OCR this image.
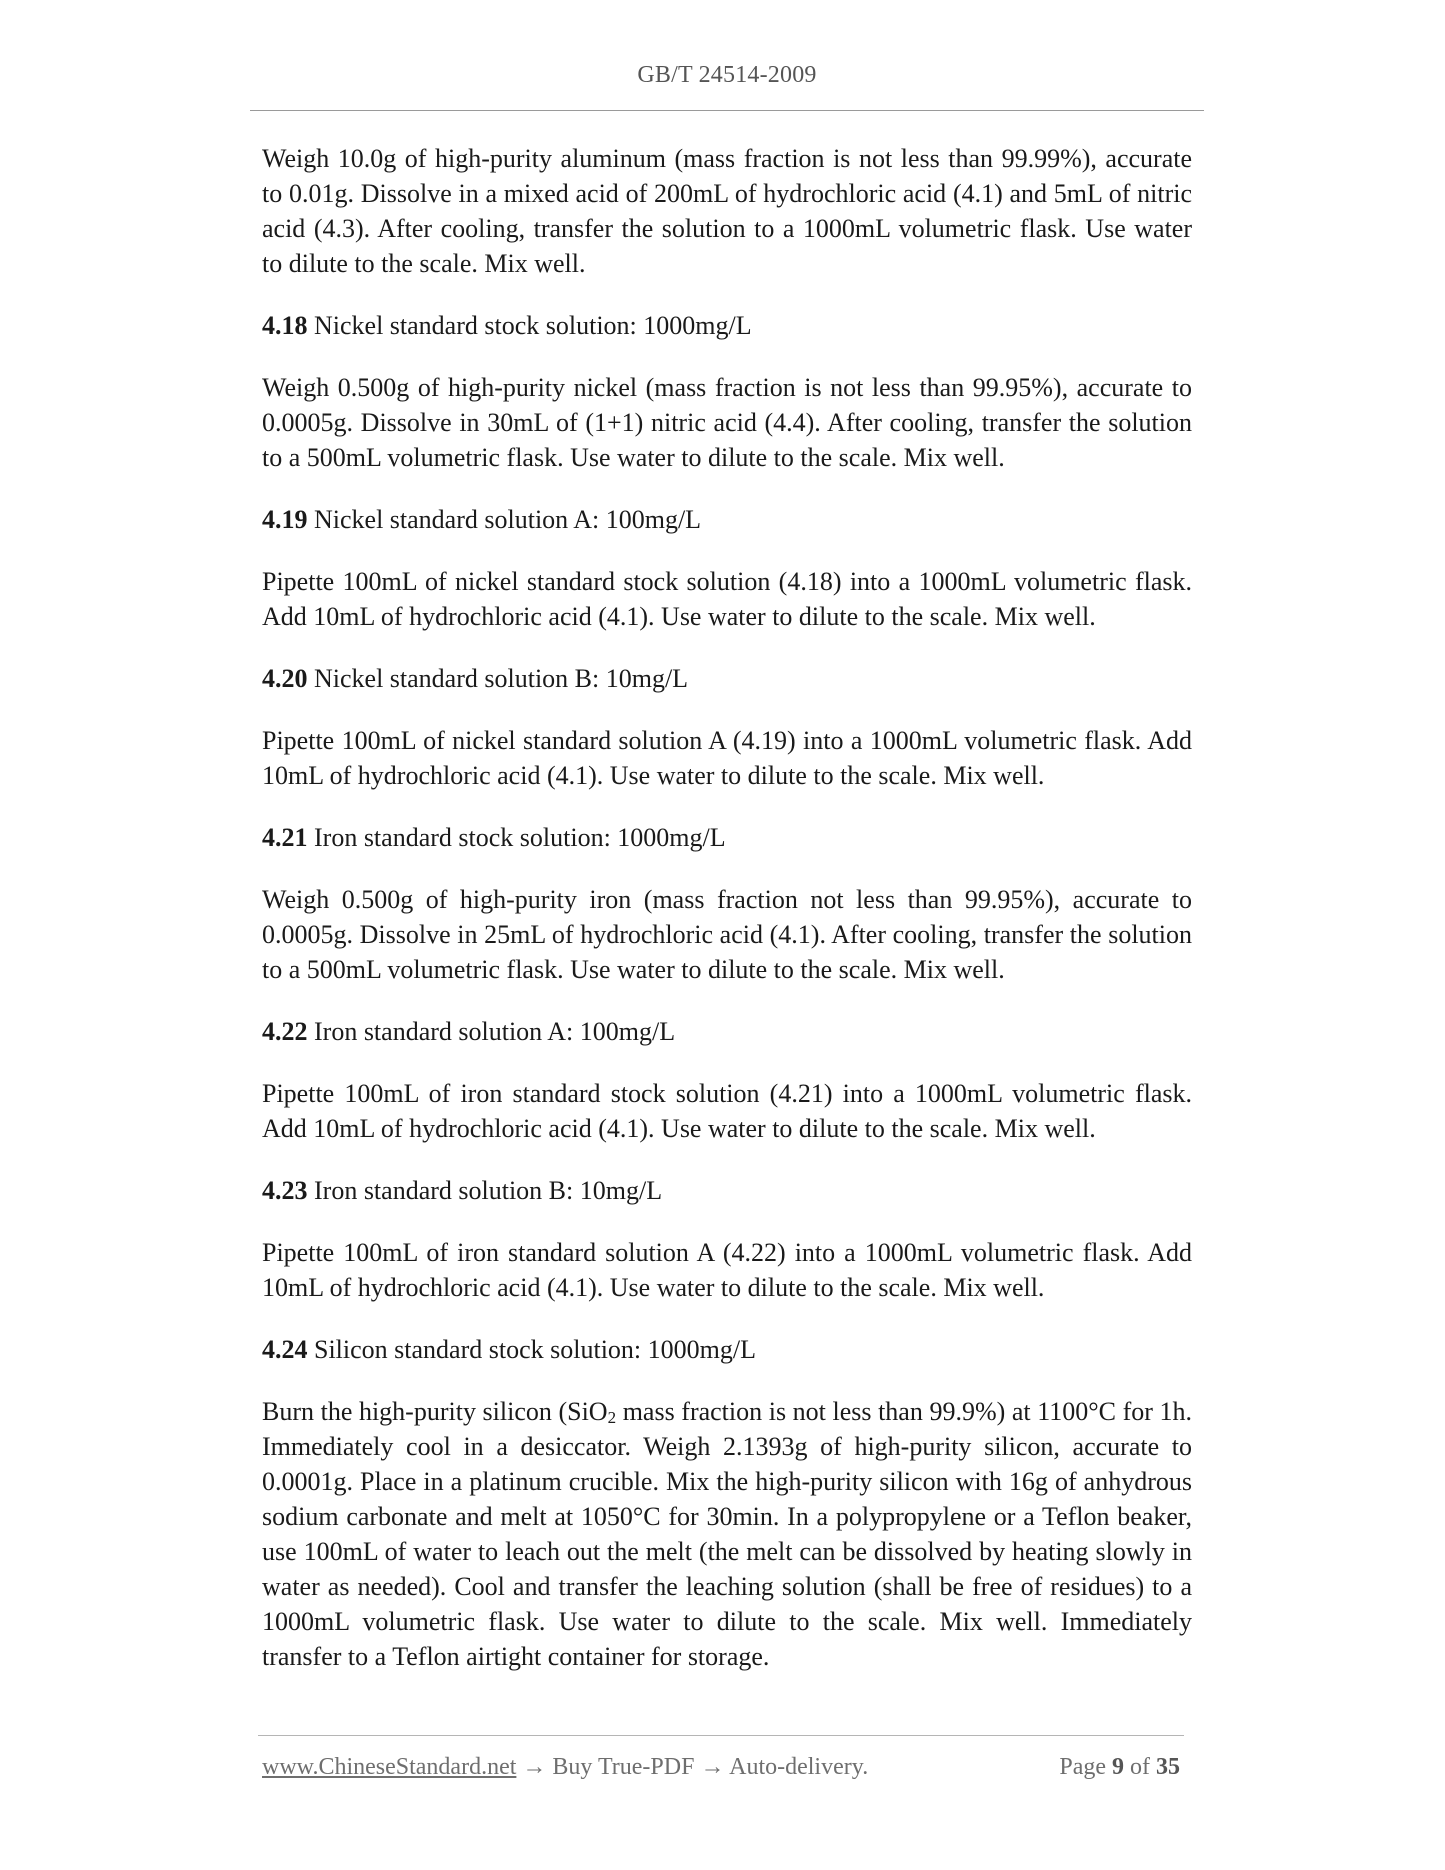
GB/T 24514-2009

Weigh 10.0g of high-purity aluminum (mass fraction is not less than 99.99%), accurate to 0.01g. Dissolve in a mixed acid of 200mL of hydrochloric acid (4.1) and 5mL of nitric acid (4.3). After cooling, transfer the solution to a 1000mL volumetric flask. Use water to dilute to the scale. Mix well.

4.18 Nickel standard stock solution: 1000mg/L

Weigh 0.500g of high-purity nickel (mass fraction is not less than 99.95%), accurate to 0.0005g. Dissolve in 30mL of (1+1) nitric acid (4.4). After cooling, transfer the solution to a 500mL volumetric flask. Use water to dilute to the scale. Mix well.

4.19 Nickel standard solution A: 100mg/L

Pipette 100mL of nickel standard stock solution (4.18) into a 1000mL volumetric flask. Add 10mL of hydrochloric acid (4.1). Use water to dilute to the scale. Mix well.

4.20 Nickel standard solution B: 10mg/L

Pipette 100mL of nickel standard solution A (4.19) into a 1000mL volumetric flask. Add 10mL of hydrochloric acid (4.1). Use water to dilute to the scale. Mix well.

4.21 Iron standard stock solution: 1000mg/L

Weigh 0.500g of high-purity iron (mass fraction not less than 99.95%), accurate to 0.0005g. Dissolve in 25mL of hydrochloric acid (4.1). After cooling, transfer the solution to a 500mL volumetric flask. Use water to dilute to the scale. Mix well.

4.22 Iron standard solution A: 100mg/L

Pipette 100mL of iron standard stock solution (4.21) into a 1000mL volumetric flask. Add 10mL of hydrochloric acid (4.1). Use water to dilute to the scale. Mix well.

4.23 Iron standard solution B: 10mg/L

Pipette 100mL of iron standard solution A (4.22) into a 1000mL volumetric flask. Add 10mL of hydrochloric acid (4.1). Use water to dilute to the scale. Mix well.

4.24 Silicon standard stock solution: 1000mg/L

Burn the high-purity silicon (SiO2 mass fraction is not less than 99.9%) at 1100°C for 1h. Immediately cool in a desiccator. Weigh 2.1393g of high-purity silicon, accurate to 0.0001g. Place in a platinum crucible. Mix the high-purity silicon with 16g of anhydrous sodium carbonate and melt at 1050°C for 30min. In a polypropylene or a Teflon beaker, use 100mL of water to leach out the melt (the melt can be dissolved by heating slowly in water as needed). Cool and transfer the leaching solution (shall be free of residues) to a 1000mL volumetric flask. Use water to dilute to the scale. Mix well. Immediately transfer to a Teflon airtight container for storage.

www.ChineseStandard.net → Buy True-PDF → Auto-delivery.	Page 9 of 35
